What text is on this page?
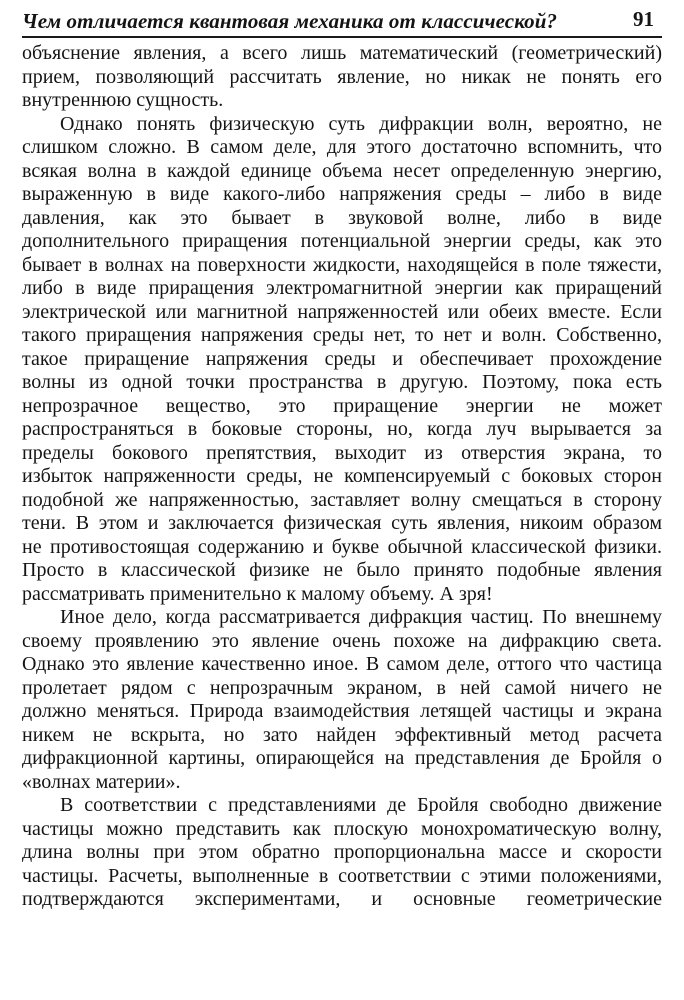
Чем отличается квантовая механика от классической?	91
объяснение явления, а всего лишь математический (геометрический)
прием, позволяющий рассчитать явление, но никак не понять его
внутреннюю сущность.
Однако понять физическую суть дифракции волн, вероятно, не
слишком сложно. В самом деле, для этого достаточно вспомнить, что
всякая волна в каждой единице объема несет определенную энергию,
выраженную в виде какого-либо напряжения среды – либо в виде
давления, как это бывает в звуковой волне, либо в виде
дополнительного приращения потенциальной энергии среды, как это
бывает в волнах на поверхности жидкости, находящейся в поле тяжести,
либо в виде приращения электромагнитной энергии как приращений
электрической или магнитной напряженностей или обеих вместе. Если
такого приращения напряжения среды нет, то нет и волн. Собственно,
такое приращение напряжения среды и обеспечивает прохождение
волны из одной точки пространства в другую. Поэтому, пока есть
непрозрачное вещество, это приращение энергии не может
распространяться в боковые стороны, но, когда луч вырывается за
пределы бокового препятствия, выходит из отверстия экрана, то
избыток напряженности среды, не компенсируемый с боковых сторон
подобной же напряженностью, заставляет волну смещаться в сторону
тени. В этом и заключается физическая суть явления, никоим образом
не противостоящая содержанию и букве обычной классической физики.
Просто в классической физике не было принято подобные явления
рассматривать применительно к малому объему. А зря!
Иное дело, когда рассматривается дифракция частиц. По внешнему
своему проявлению это явление очень похоже на дифракцию света.
Однако это явление качественно иное. В самом деле, оттого что частица
пролетает рядом с непрозрачным экраном, в ней самой ничего не
должно меняться. Природа взаимодействия летящей частицы и экрана
никем не вскрыта, но зато найден эффективный метод расчета
дифракционной картины, опирающейся на представления де Бройля о
«волнах материи».
В соответствии с представлениями де Бройля свободно движение
частицы можно представить как плоскую монохроматическую волну,
длина волны при этом обратно пропорциональна массе и скорости
частицы. Расчеты, выполненные в соответствии с этими положениями,
подтверждаются экспериментами, и основные геометрические
